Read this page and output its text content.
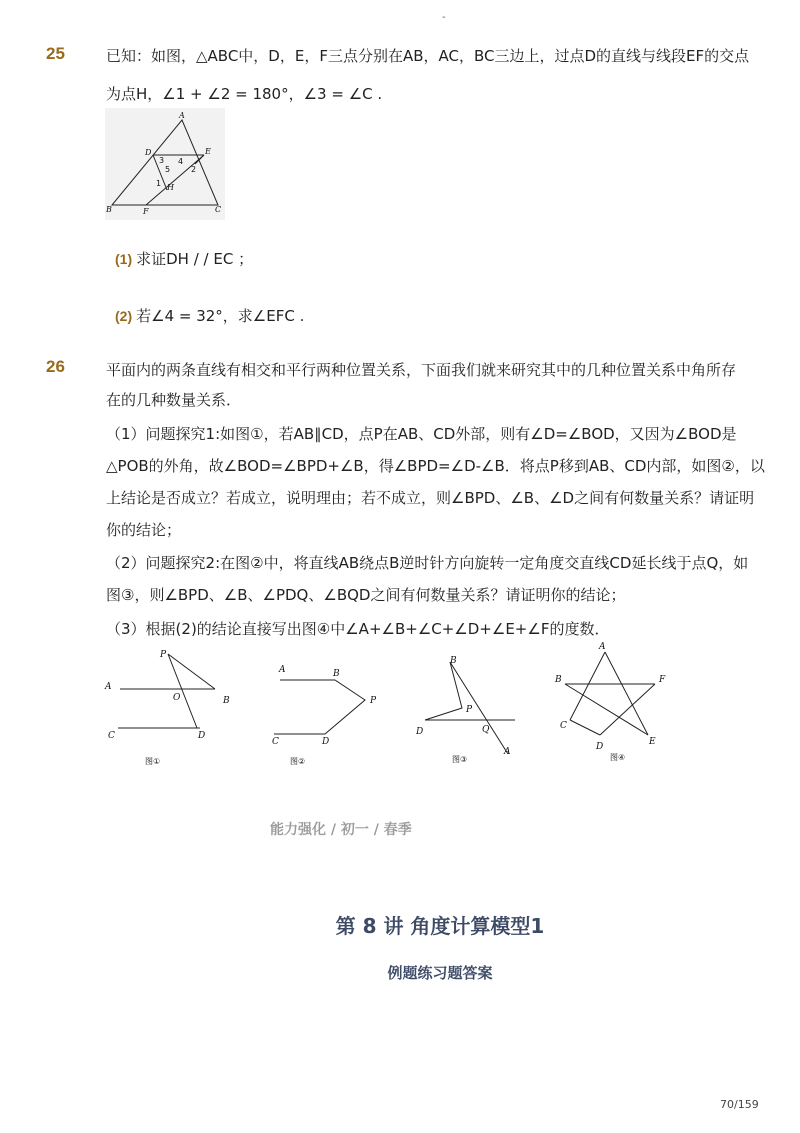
-
25	已知：如图，△ABC中，D，E，F三点分别在AB，AC，BC三边上，过点D的直线与线段EF的交点
为点H，∠1 + ∠2 = 180°，∠3 = ∠C .
A
D	E
B	F	C
H
3 4
5	2
1
(1) 求证DH / / EC ；
(2) 若∠4 = 32°，求∠EFC .
26	平面内的两条直线有相交和平行两种位置关系，下面我们就来研究其中的几种位置关系中角所存
在的几种数量关系．
（1）问题探究1:如图①，若AB∥CD，点P在AB、CD外部，则有∠D=∠BOD，又因为∠BOD是
△POB的外角，故∠BOD=∠BPD+∠B，得∠BPD=∠D-∠B．将点P移到AB、CD内部，如图②，以
上结论是否成立？若成立，说明理由；若不成立，则∠BPD、∠B、∠D之间有何数量关系？请证明
你的结论；
（2）问题探究2:在图②中，将直线AB绕点B逆时针方向旋转一定角度交直线CD延长线于点Q，如
图③，则∠BPD、∠B、∠PDQ、∠BQD之间有何数量关系？请证明你的结论；
（3）根据(2)的结论直接写出图④中∠A+∠B+∠C+∠D+∠E+∠F的度数．
P
A
O	B
C	D
图①
A	B
P
C	D
图②
B
P
Q
D
A
图③
A
B	F
C
D	E
图④
能力强化 / 初一 / 春季
第 8 讲 角度计算模型1
例题练习题答案
70/159
